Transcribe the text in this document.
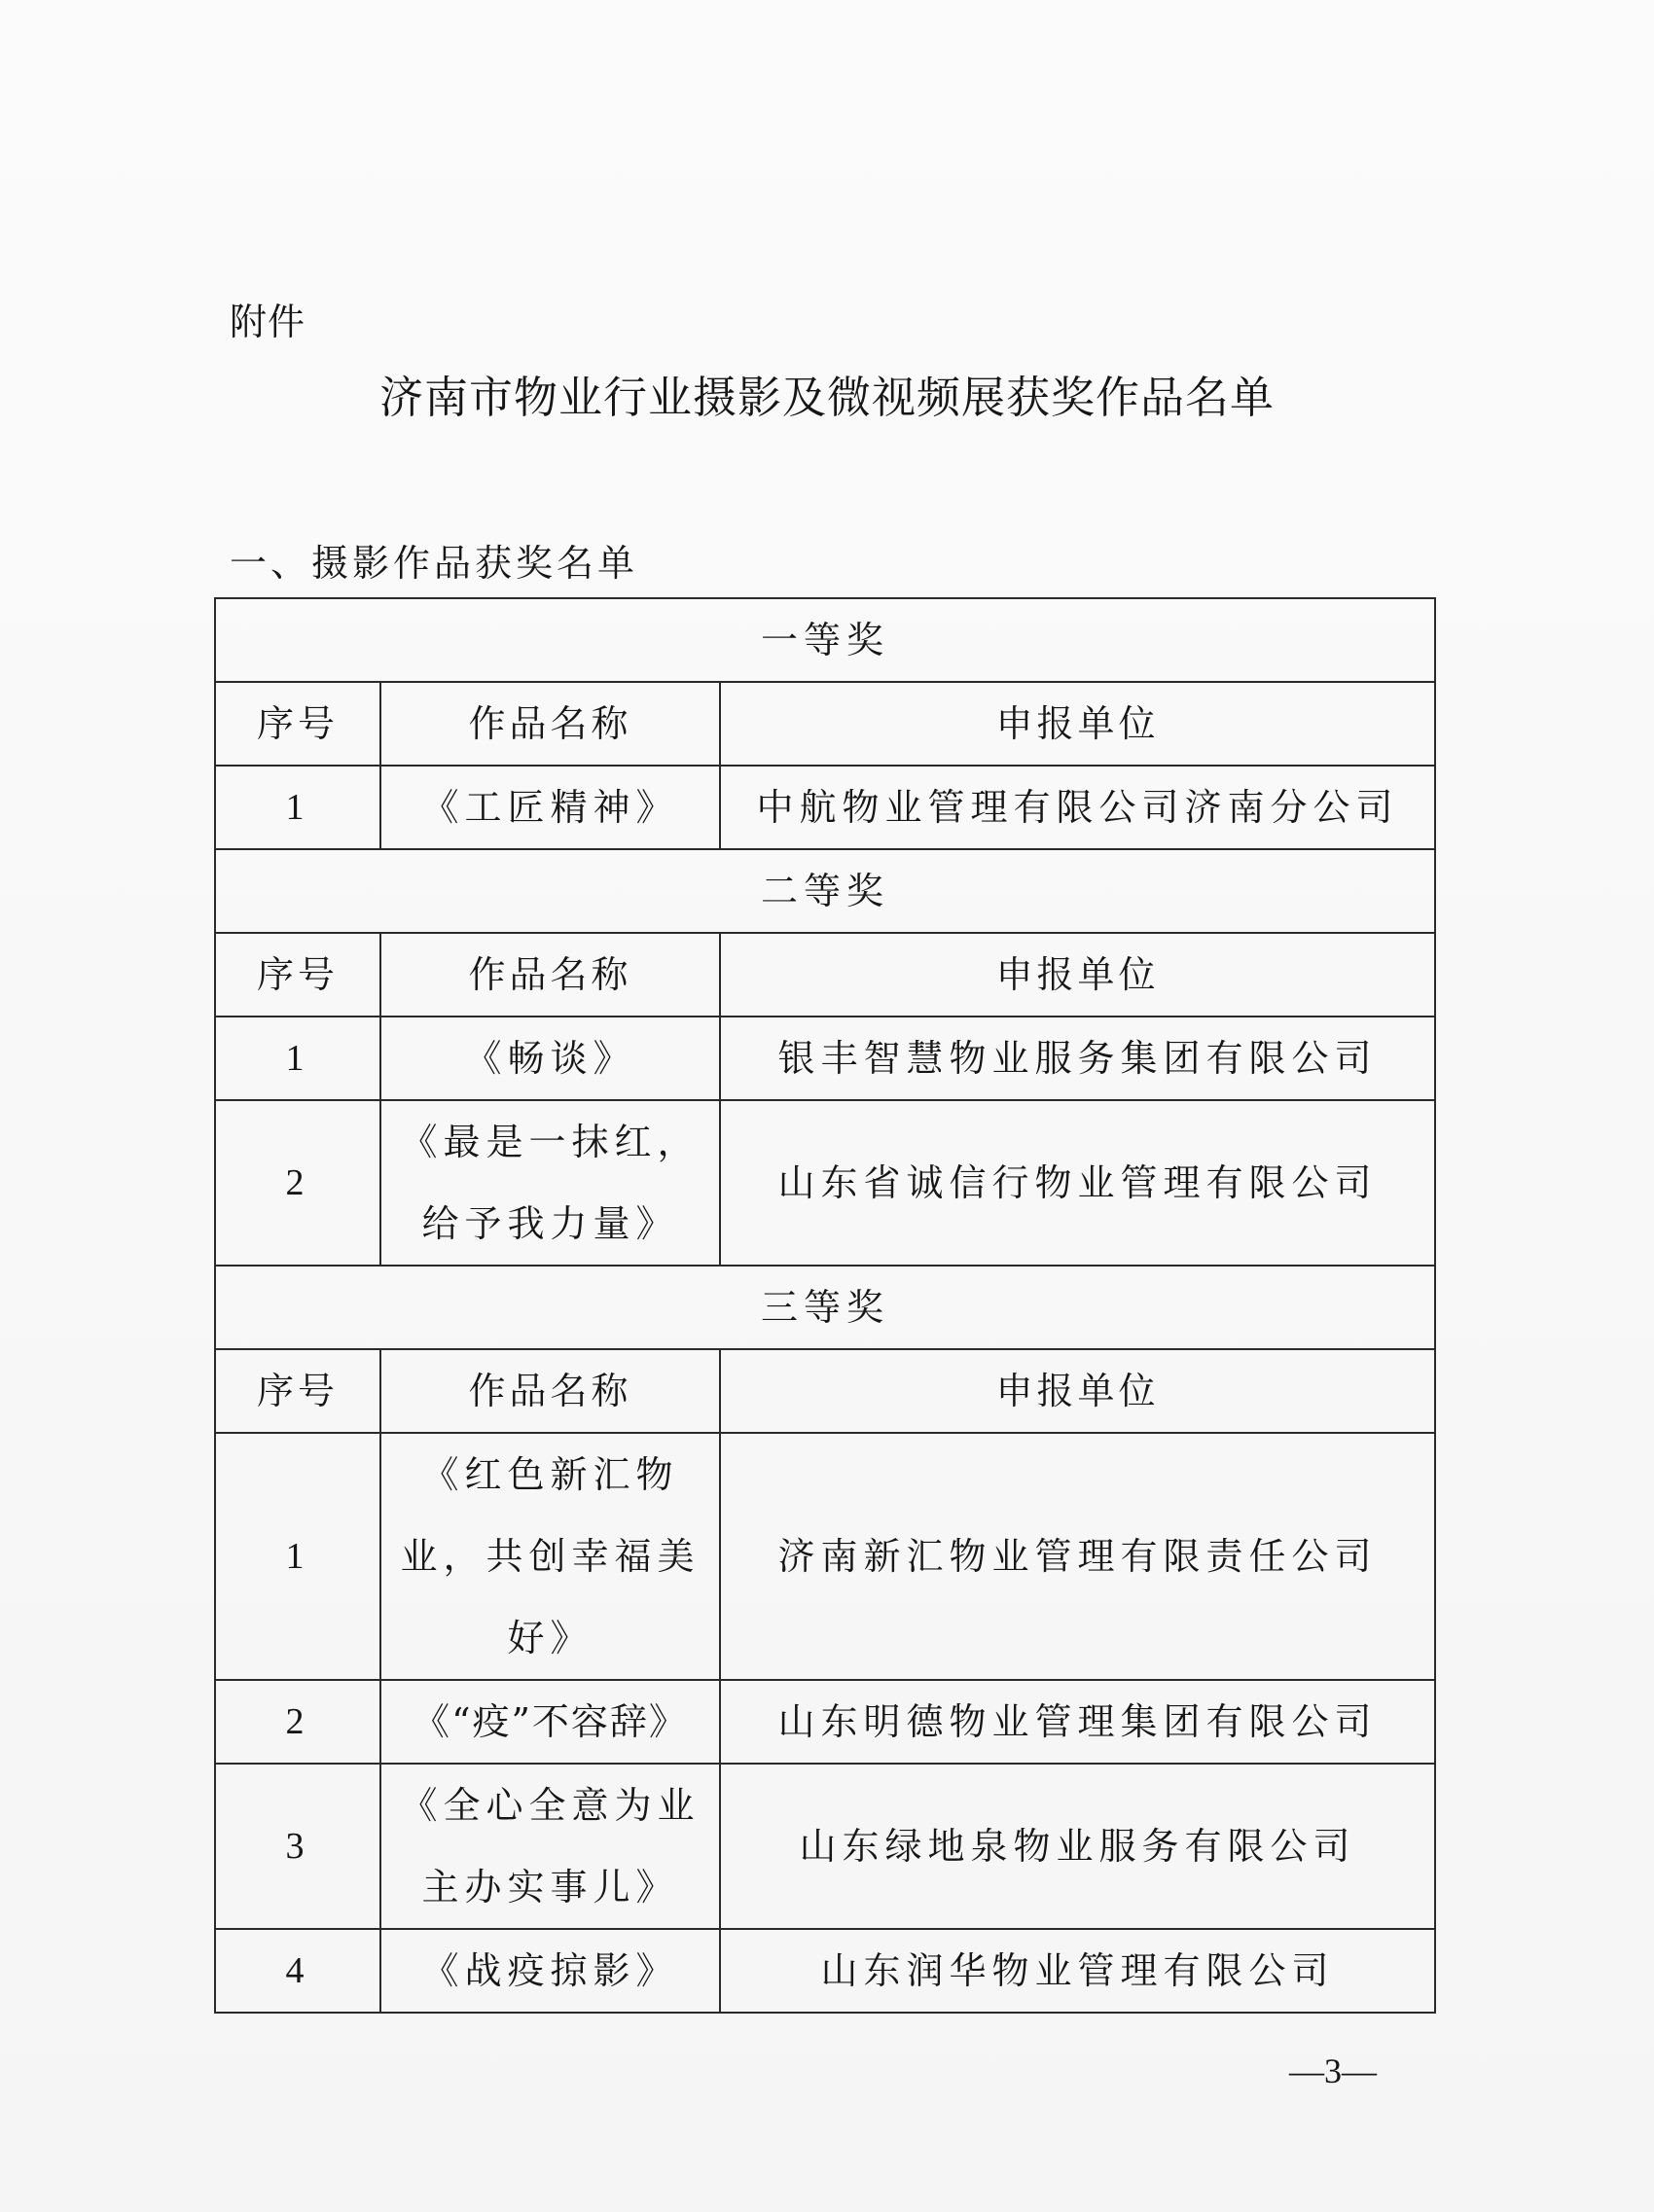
附件
济南市物业行业摄影及微视频展获奖作品名单
一、摄影作品获奖名单
一等奖		
序号	作品名称	申报单位
1	《工匠精神》	中航物业管理有限公司济南分公司
二等奖		
序号	作品名称	申报单位
1	《畅谈》	银丰智慧物业服务集团有限公司
2	《最是一抹红，
给予我力量》	山东省诚信行物业管理有限公司
三等奖		
序号	作品名称	申报单位
1	《红色新汇物
业，共创幸福美
好》	济南新汇物业管理有限责任公司
2	《“疫”不容辞》	山东明德物业管理集团有限公司
3	《全心全意为业
主办实事儿》	山东绿地泉物业服务有限公司
4	《战疫掠影》	山东润华物业管理有限公司
—3—
